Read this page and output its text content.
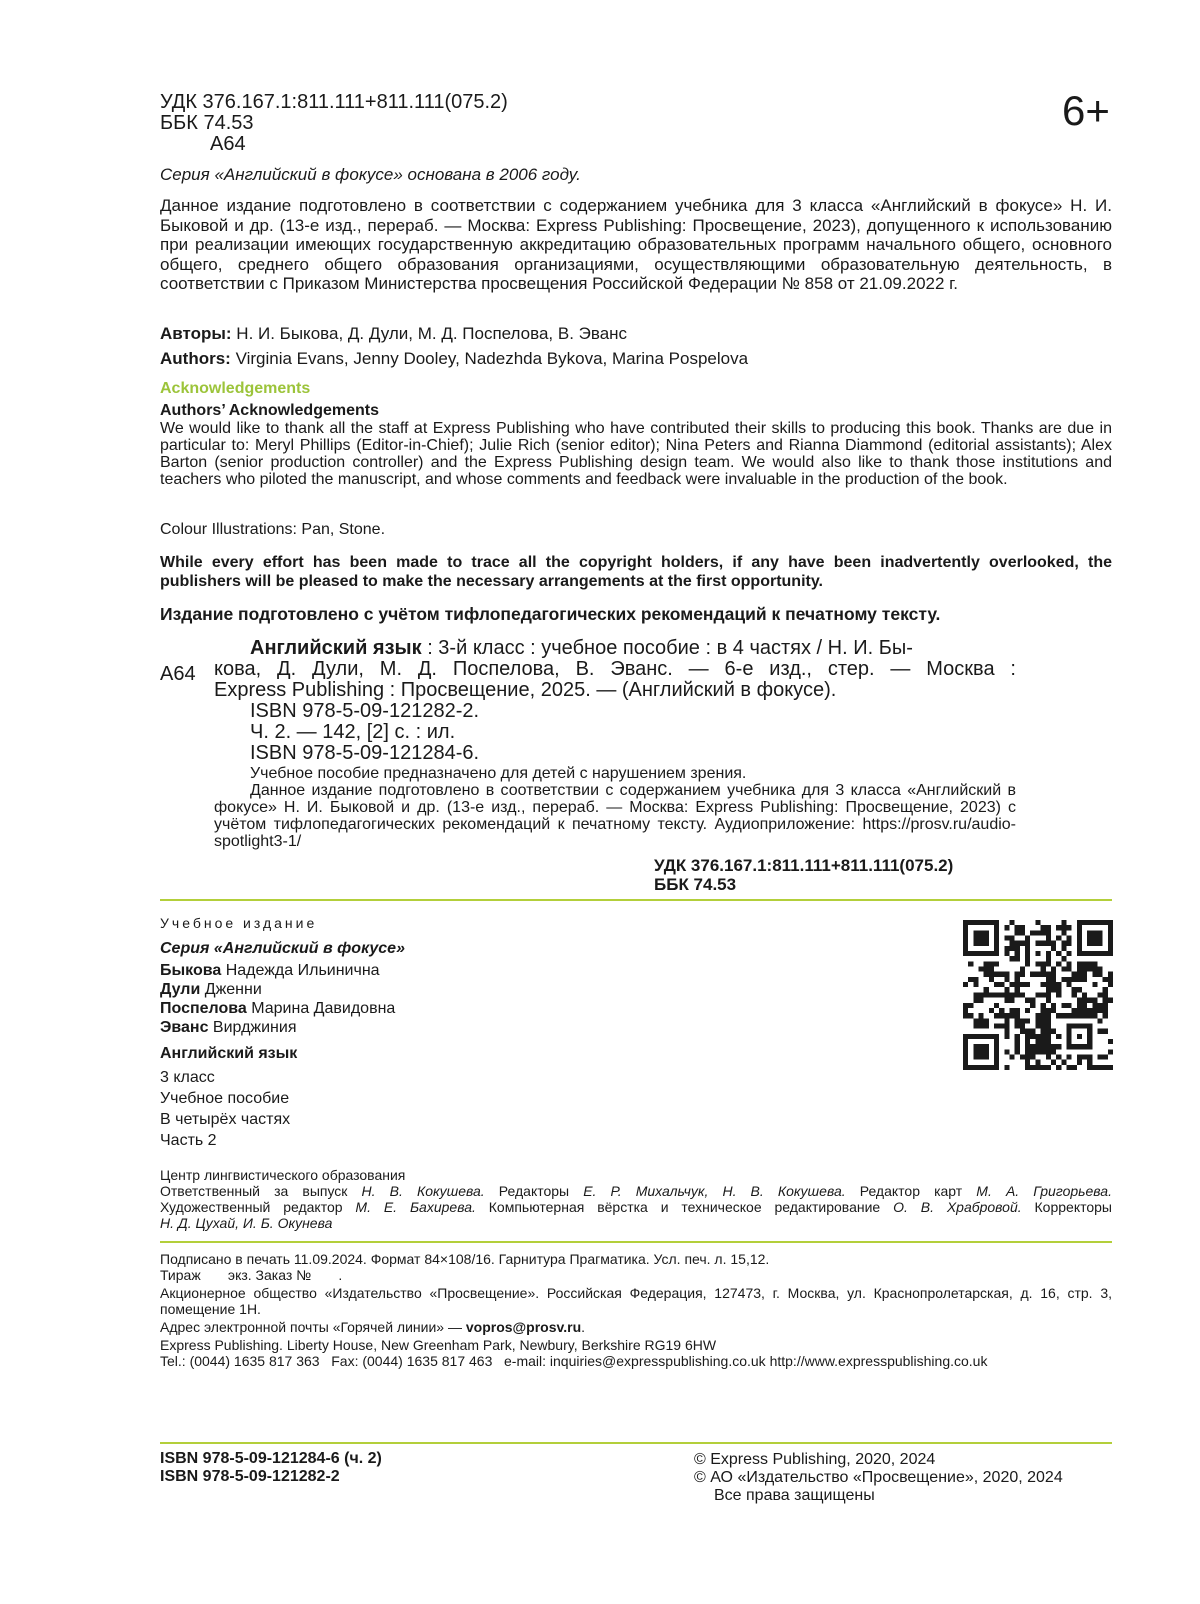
УДК 376.167.1:811.111+811.111(075.2)
ББК 74.53
А64
6+
Серия «Английский в фокусе» основана в 2006 году.
Данное издание подготовлено в соответствии с содержанием учебника для 3 класса «Английский в фокусе» Н. И. Быковой и др. (13-е изд., перераб. — Москва: Express Publishing: Просвещение, 2023), допущенного к использованию при реализации имеющих государственную аккредитацию образовательных программ начального общего, основного общего, среднего общего образования организациями, осуществляющими образовательную деятельность, в соответствии с Приказом Министерства просвещения Российской Федерации № 858 от 21.09.2022 г.
Авторы: Н. И. Быкова, Д. Дули, М. Д. Поспелова, В. Эванс
Authors: Virginia Evans, Jenny Dooley, Nadezhda Bykova, Marina Pospelova
Acknowledgements
Authors’ Acknowledgements
We would like to thank all the staff at Express Publishing who have contributed their skills to producing this book. Thanks are due in particular to: Meryl Phillips (Editor-in-Chief); Julie Rich (senior editor); Nina Peters and Rianna Diammond (editorial assistants); Alex Barton (senior production controller) and the Express Publishing design team. We would also like to thank those institutions and teachers who piloted the manuscript, and whose comments and feedback were invaluable in the production of the book.
Colour Illustrations: Pan, Stone.
While every effort has been made to trace all the copyright holders, if any have been inadvertently overlooked, the publishers will be pleased to make the necessary arrangements at the first opportunity.
Издание подготовлено с учётом тифлопедагогических рекомендаций к печатному тексту.
А64
Английский язык : 3-й класс : учебное пособие : в 4 частях / Н. И. Бы-
кова, Д. Дули, М. Д. Поспелова, В. Эванс. — 6-е изд., стер. — Москва :
Express Publishing : Просвещение, 2025. — (Английский в фокусе).
ISBN 978-5-09-121282-2.
Ч. 2. — 142, [2] с. : ил.
ISBN 978-5-09-121284-6.
Учебное пособие предназначено для детей с нарушением зрения.
Данное издание подготовлено в соответствии с содержанием учебника для 3 класса «Английский в фокусе» Н. И. Быковой и др. (13-е изд., перераб. — Москва: Express Publishing: Просвещение, 2023) с учётом тифлопедагогических рекомендаций к печатному тексту. Аудиоприложение: https://prosv.ru/audio-spotlight3-1/
УДК 376.167.1:811.111+811.111(075.2)
ББК 74.53
Учебное издание
Серия «Английский в фокусе»
Быкова Надежда Ильинична
Дули Дженни
Поспелова Марина Давидовна
Эванс Вирджиния
Английский язык
3 класс
Учебное пособие
В четырёх частях
Часть 2
Центр лингвистического образования
Ответственный за выпуск Н. В. Кокушева. Редакторы Е. Р. Михальчук, Н. В. Кокушева. Редактор карт М. А. Григорьева.
Художественный редактор М. Е. Бахирева. Компьютерная вёрстка и техническое редактирование О. В. Храбровой. Корректоры
Н. Д. Цухай, И. Б. Окунева
Подписано в печать 11.09.2024. Формат 84×108/16. Гарнитура Прагматика. Усл. печ. л. 15,12.
Тираж       экз. Заказ №       .
Акционерное общество «Издательство «Просвещение». Российская Федерация, 127473, г. Москва, ул. Краснопролетарская, д. 16, стр. 3, помещение 1Н.
Адрес электронной почты «Горячей линии» — vopros@prosv.ru.
Express Publishing. Liberty House, New Greenham Park, Newbury, Berkshire RG19 6HW
Tel.: (0044) 1635 817 363   Fax: (0044) 1635 817 463   e-mail: inquiries@expresspublishing.co.uk http://www.expresspublishing.co.uk
ISBN 978-5-09-121284-6 (ч. 2)
ISBN 978-5-09-121282-2
© Express Publishing, 2020, 2024
© АО «Издательство «Просвещение», 2020, 2024
Все права защищены
